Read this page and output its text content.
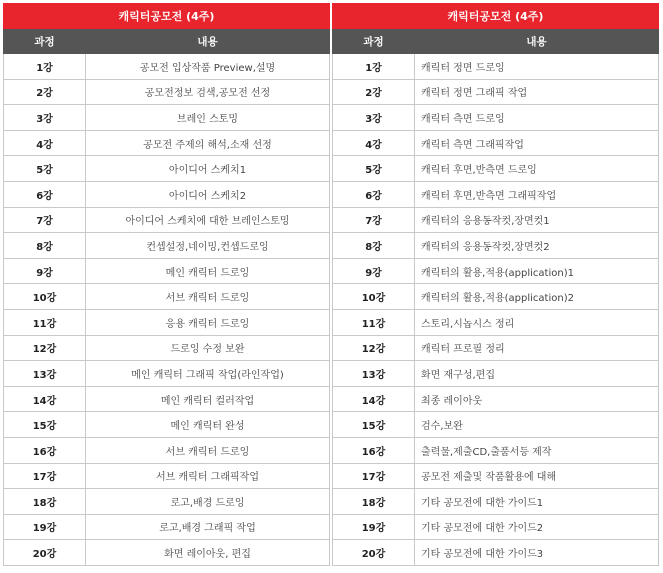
캐릭터공모전 (4주)	
과정	내용
1강	공모전 입상작품 Preview,설명
2강	공모전정보 검색,공모전 선정
3강	브레인 스토밍
4강	공모전 주제의 해석,소재 선정
5강	아이디어 스케치1
6강	아이디어 스케치2
7강	아이디어 스케치에 대한 브레인스토밍
8강	컨셉설정,네이밍,컨셉드로잉
9강	메인 캐릭터 드로잉
10강	서브 캐릭터 드로잉
11강	응용 캐릭터 드로잉
12강	드로잉 수정 보완
13강	메인 캐릭터 그래픽 작업(라인작업)
14강	메인 캐릭터 컬러작업
15강	메인 캐릭터 완성
16강	서브 캐릭터 드로잉
17강	서브 캐릭터 그래픽작업
18강	로고,배경 드로잉
19강	로고,배경 그래픽 작업
20강	화면 레이아웃, 편집
캐릭터공모전 (4주)	
과정	내용
1강	캐릭터 정면 드로잉
2강	캐릭터 정면 그래픽 작업
3강	캐릭터 측면 드로잉
4강	캐릭터 측면 그래픽작업
5강	캐릭터 후면,반측면 드로잉
6강	캐릭터 후면,반측면 그래픽작업
7강	캐릭터의 응용동작컷,장면컷1
8강	캐릭터의 응용동작컷,장면컷2
9강	캐릭터의 활용,적용(application)1
10강	캐릭터의 활용,적용(application)2
11강	스토리,시놉시스 정리
12강	캐릭터 프로필 정리
13강	화면 재구성,편집
14강	최종 레이아웃
15강	검수,보완
16강	출력물,제출CD,출품서등 제작
17강	공모전 제출및 작품활용에 대해
18강	기타 공모전에 대한 가이드1
19강	기타 공모전에 대한 가이드2
20강	기타 공모전에 대한 가이드3
